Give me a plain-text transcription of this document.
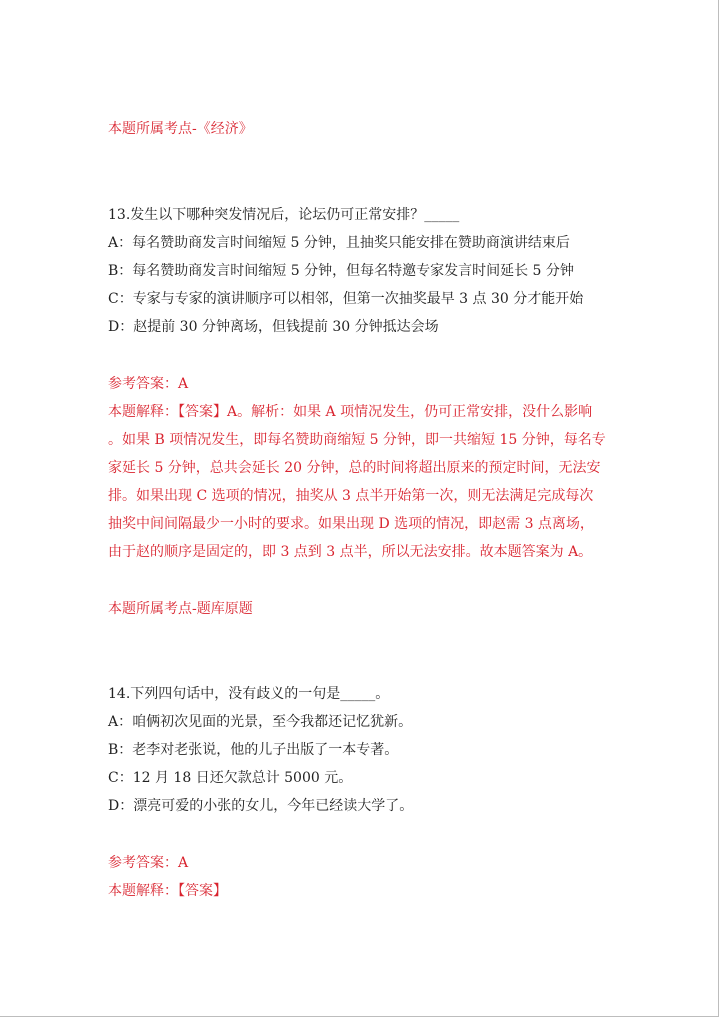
本题所属考点-《经济》
13.发生以下哪种突发情况后，论坛仍可正常安排？_____
A：每名赞助商发言时间缩短 5 分钟，且抽奖只能安排在赞助商演讲结束后
B：每名赞助商发言时间缩短 5 分钟，但每名特邀专家发言时间延长 5 分钟
C：专家与专家的演讲顺序可以相邻，但第一次抽奖最早 3 点 30 分才能开始
D：赵提前 30 分钟离场，但钱提前 30 分钟抵达会场
参考答案：A
本题解释：【答案】A。解析：如果 A 项情况发生，仍可正常安排，没什么影响
。如果 B 项情况发生，即每名赞助商缩短 5 分钟，即一共缩短 15 分钟，每名专
家延长 5 分钟，总共会延长 20 分钟，总的时间将超出原来的预定时间，无法安
排。如果出现 C 选项的情况，抽奖从 3 点半开始第一次，则无法满足完成每次
抽奖中间间隔最少一小时的要求。如果出现 D 选项的情况，即赵需 3 点离场，
由于赵的顺序是固定的，即 3 点到 3 点半，所以无法安排。故本题答案为 A。
本题所属考点-题库原题
14.下列四句话中，没有歧义的一句是_____。
A：咱俩初次见面的光景，至今我都还记忆犹新。
B：老李对老张说，他的儿子出版了一本专著。
C：12 月 18 日还欠款总计 5000 元。
D：漂亮可爱的小张的女儿，今年已经读大学了。
参考答案：A
本题解释：【答案】
